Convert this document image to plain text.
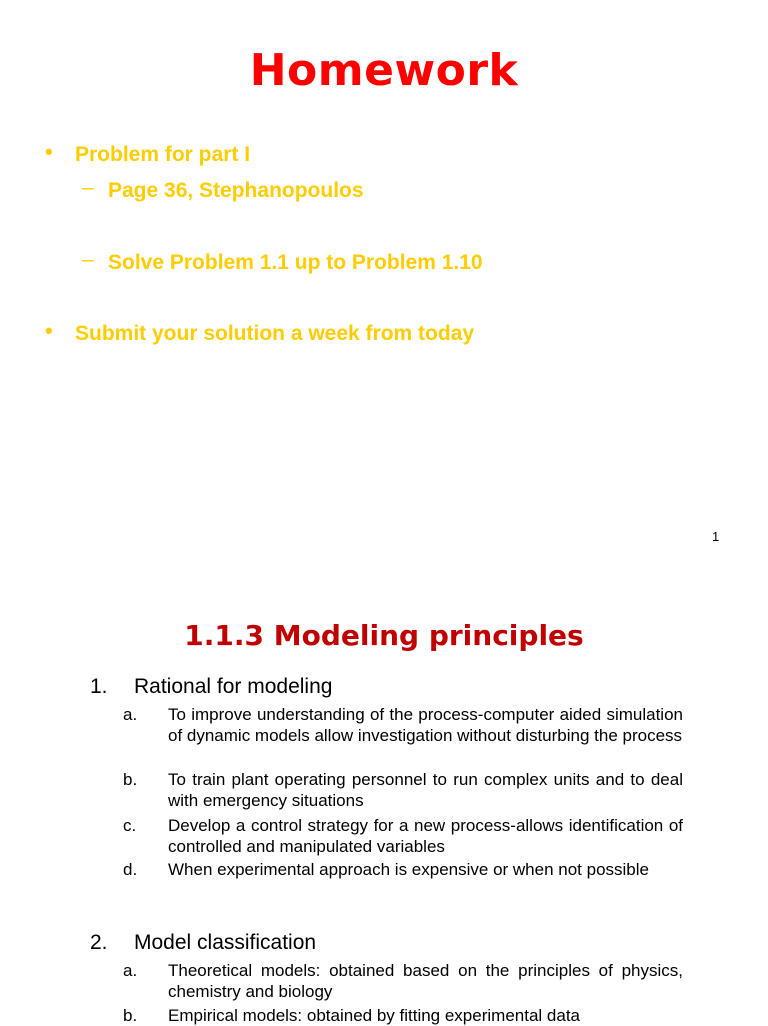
Homework
• Problem for part I
– Page 36, Stephanopoulos
– Solve Problem 1.1 up to Problem 1.10
• Submit your solution a week from today
1
1.1.3 Modeling principles
1. Rational for modeling
a. To improve understanding of the process-computer aided simulation of dynamic models allow investigation without disturbing the process
b. To train plant operating personnel to run complex units and to deal with emergency situations
c. Develop a control strategy for a new process-allows identification of controlled and manipulated variables
d. When experimental approach is expensive or when not possible
2. Model classification
a. Theoretical models: obtained based on the principles of physics, chemistry and biology
b. Empirical models: obtained by fitting experimental data
